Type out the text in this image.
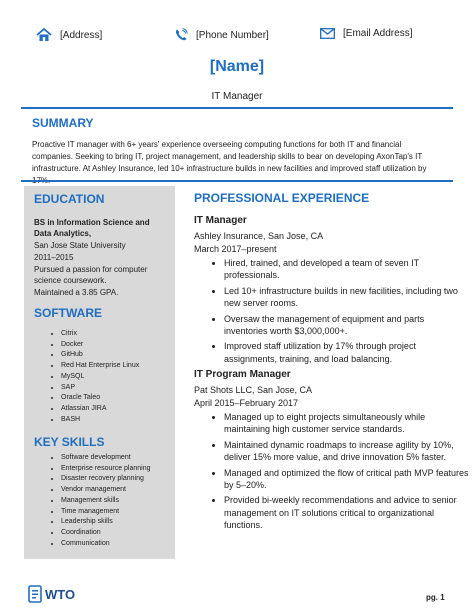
[Address]	[Phone Number]	[Email Address]
[Name]
IT Manager
SUMMARY
Proactive IT manager with 6+ years' experience overseeing computing functions for both IT and financial companies. Seeking to bring IT, project management, and leadership skills to bear on developing AxonTap's IT infrastructure. At Ashley Insurance, led 10+ infrastructure builds in new facilities and improved staff utilization by
EDUCATION
BS in Information Science and Data Analytics,
San Jose State University
2011–2015
Pursued a passion for computer science coursework.
Maintained a 3.85 GPA.
SOFTWARE
• Citrix
• Docker
• GitHub
• Red Hat Enterprise Linux
• MySQL
• SAP
• Oracle Taleo
• Atlassian JIRA
• BASH
KEY SKILLS
• Software development
• Enterprise resource planning
• Disaster recovery planning
• Vendor management
• Management skills
• Time management
• Leadership skills
• Coordination
• Communication
PROFESSIONAL EXPERIENCE
IT Manager
Ashley Insurance, San Jose, CA
March 2017–present
• Hired, trained, and developed a team of seven IT professionals.
• Led 10+ infrastructure builds in new facilities, including two new server rooms.
• Oversaw the management of equipment and parts inventories worth $3,000,000+.
• Improved staff utilization by 17% through project assignments, training, and load balancing.
IT Program Manager
Pat Shots LLC, San Jose, CA
April 2015–February 2017
• Managed up to eight projects simultaneously while maintaining high customer service standards.
• Maintained dynamic roadmaps to increase agility by 10%, deliver 15% more value, and drive innovation 5% faster.
• Managed and optimized the flow of critical path MVP features by 5–20%.
• Provided bi-weekly recommendations and advice to senior management on IT solutions critical to organizational functions.
WTO	pg. 1
